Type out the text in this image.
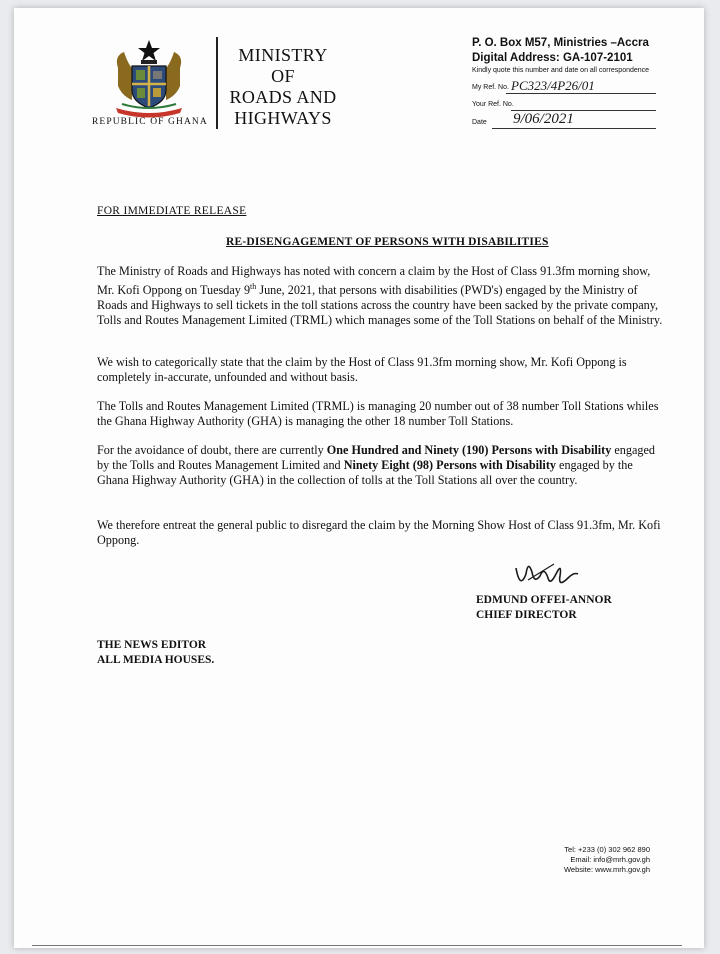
REPUBLIC OF GHANA
MINISTRY
OF
ROADS AND
HIGHWAYS
P. O. Box M57, Ministries –Accra
Digital Address: GA-107-2101
Kindly quote this number and date on all correspondence
My Ref. No. PC323/4P26/01
Your Ref. No.
Date 9/06/2021
FOR IMMEDIATE RELEASE
RE-DISENGAGEMENT OF PERSONS WITH DISABILITIES
The Ministry of Roads and Highways has noted with concern a claim by the Host of Class 91.3fm morning show, Mr. Kofi Oppong on Tuesday 9th June, 2021, that persons with disabilities (PWD's) engaged by the Ministry of Roads and Highways to sell tickets in the toll stations across the country have been sacked by the private company, Tolls and Routes Management Limited (TRML) which manages some of the Toll Stations on behalf of the Ministry.
We wish to categorically state that the claim by the Host of Class 91.3fm morning show, Mr. Kofi Oppong is completely in-accurate, unfounded and without basis.
The Tolls and Routes Management Limited (TRML) is managing 20 number out of 38 number Toll Stations whiles the Ghana Highway Authority (GHA) is managing the other 18 number Toll Stations.
For the avoidance of doubt, there are currently One Hundred and Ninety (190) Persons with Disability engaged by the Tolls and Routes Management Limited and Ninety Eight (98) Persons with Disability engaged by the Ghana Highway Authority (GHA) in the collection of tolls at the Toll Stations all over the country.
We therefore entreat the general public to disregard the claim by the Morning Show Host of Class 91.3fm, Mr. Kofi Oppong.
EDMUND OFFEI-ANNOR
CHIEF DIRECTOR
THE NEWS EDITOR
ALL MEDIA HOUSES.
Tel: +233 (0) 302 962 890
Email: info@mrh.gov.gh
Website: www.mrh.gov.gh
